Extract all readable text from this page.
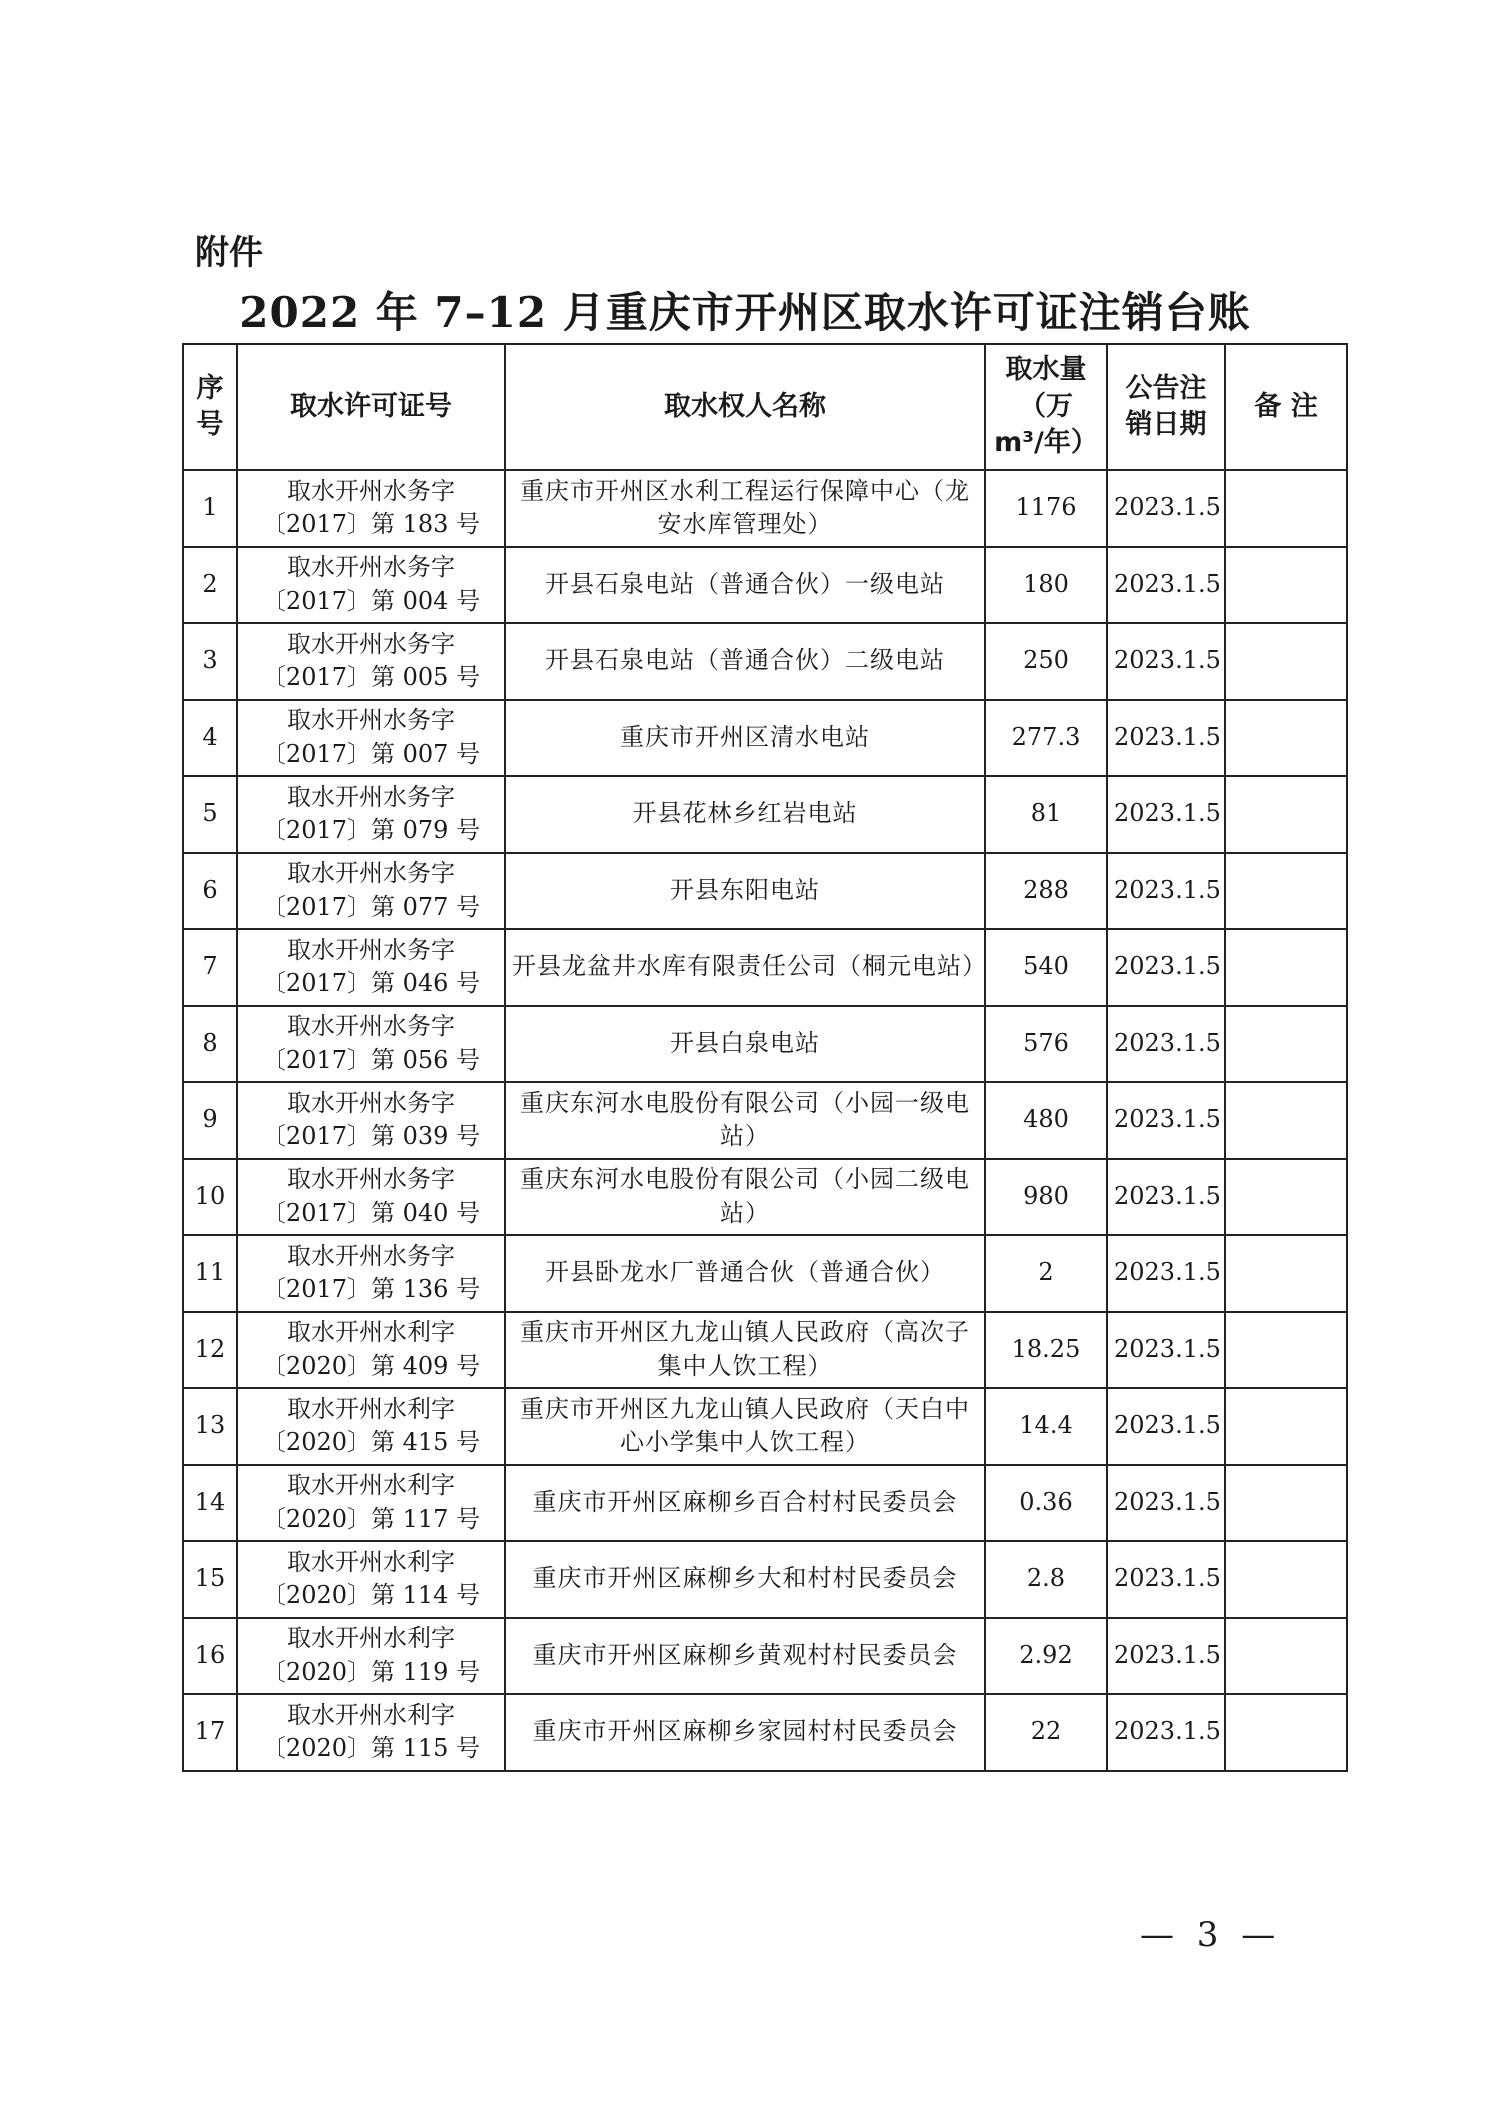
附件
2022 年 7–12 月重庆市开州区取水许可证注销台账
序号	取水许可证号	取水权人名称	取水量（万 m³/年）	公告注销日期	备 注
1	取水开州水务字〔2017〕第 183 号	重庆市开州区水利工程运行保障中心（龙安水库管理处）	1176	2023.1.5	
2	取水开州水务字〔2017〕第 004 号	开县石泉电站（普通合伙）一级电站	180	2023.1.5	
3	取水开州水务字〔2017〕第 005 号	开县石泉电站（普通合伙）二级电站	250	2023.1.5	
4	取水开州水务字〔2017〕第 007 号	重庆市开州区清水电站	277.3	2023.1.5	
5	取水开州水务字〔2017〕第 079 号	开县花林乡红岩电站	81	2023.1.5	
6	取水开州水务字〔2017〕第 077 号	开县东阳电站	288	2023.1.5	
7	取水开州水务字〔2017〕第 046 号	开县龙盆井水库有限责任公司（桐元电站）	540	2023.1.5	
8	取水开州水务字〔2017〕第 056 号	开县白泉电站	576	2023.1.5	
9	取水开州水务字〔2017〕第 039 号	重庆东河水电股份有限公司（小园一级电站）	480	2023.1.5	
10	取水开州水务字〔2017〕第 040 号	重庆东河水电股份有限公司（小园二级电站）	980	2023.1.5	
11	取水开州水务字〔2017〕第 136 号	开县卧龙水厂普通合伙（普通合伙）	2	2023.1.5	
12	取水开州水利字〔2020〕第 409 号	重庆市开州区九龙山镇人民政府（高次子集中人饮工程）	18.25	2023.1.5	
13	取水开州水利字〔2020〕第 415 号	重庆市开州区九龙山镇人民政府（天白中心小学集中人饮工程）	14.4	2023.1.5	
14	取水开州水利字〔2020〕第 117 号	重庆市开州区麻柳乡百合村村民委员会	0.36	2023.1.5	
15	取水开州水利字〔2020〕第 114 号	重庆市开州区麻柳乡大和村村民委员会	2.8	2023.1.5	
16	取水开州水利字〔2020〕第 119 号	重庆市开州区麻柳乡黄观村村民委员会	2.92	2023.1.5	
17	取水开州水利字〔2020〕第 115 号	重庆市开州区麻柳乡家园村村民委员会	22	2023.1.5	
— 3 —
